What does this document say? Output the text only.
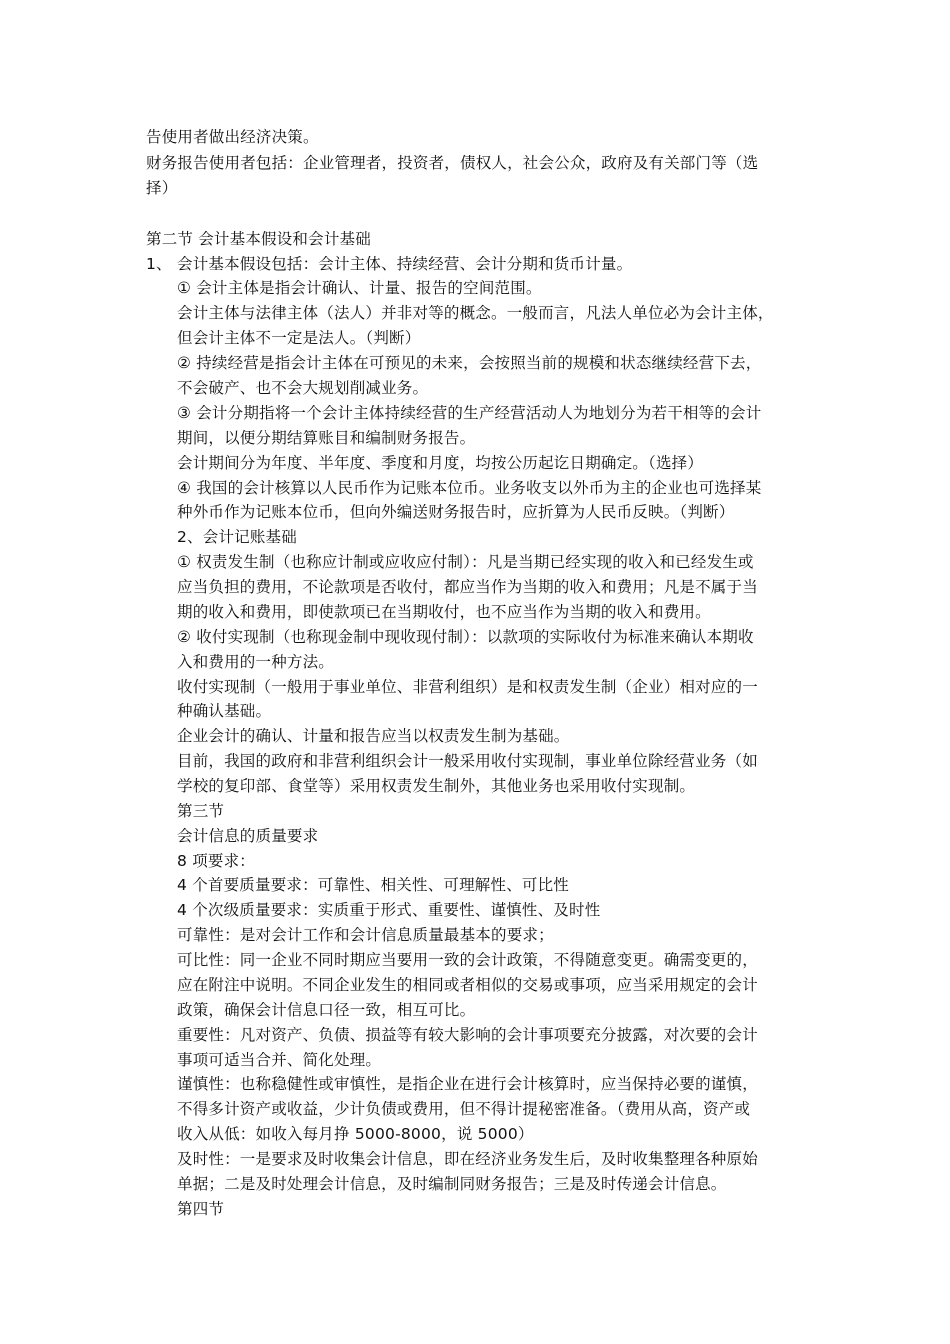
告使用者做出经济决策。
财务报告使用者包括：企业管理者，投资者，债权人，社会公众，政府及有关部门等（选
择）
第二节 会计基本假设和会计基础
1、 会计基本假设包括：会计主体、持续经营、会计分期和货币计量。
① 会计主体是指会计确认、计量、报告的空间范围。
会计主体与法律主体（法人）并非对等的概念。一般而言，凡法人单位必为会计主体，
但会计主体不一定是法人。（判断）
② 持续经营是指会计主体在可预见的未来，会按照当前的规模和状态继续经营下去，
不会破产、也不会大规划削减业务。
③ 会计分期指将一个会计主体持续经营的生产经营活动人为地划分为若干相等的会计
期间，以便分期结算账目和编制财务报告。
会计期间分为年度、半年度、季度和月度，均按公历起讫日期确定。（选择）
④ 我国的会计核算以人民币作为记账本位币。业务收支以外币为主的企业也可选择某
种外币作为记账本位币，但向外编送财务报告时，应折算为人民币反映。（判断）
2、会计记账基础
① 权责发生制（也称应计制或应收应付制）：凡是当期已经实现的收入和已经发生或
应当负担的费用，不论款项是否收付，都应当作为当期的收入和费用；凡是不属于当
期的收入和费用，即使款项已在当期收付，也不应当作为当期的收入和费用。
② 收付实现制（也称现金制中现收现付制）：以款项的实际收付为标准来确认本期收
入和费用的一种方法。
收付实现制（一般用于事业单位、非营利组织）是和权责发生制（企业）相对应的一
种确认基础。
企业会计的确认、计量和报告应当以权责发生制为基础。
目前，我国的政府和非营利组织会计一般采用收付实现制，事业单位除经营业务（如
学校的复印部、食堂等）采用权责发生制外，其他业务也采用收付实现制。
第三节
会计信息的质量要求
8 项要求：
4 个首要质量要求：可靠性、相关性、可理解性、可比性
4 个次级质量要求：实质重于形式、重要性、谨慎性、及时性
可靠性：是对会计工作和会计信息质量最基本的要求；
可比性：同一企业不同时期应当要用一致的会计政策，不得随意变更。确需变更的，
应在附注中说明。不同企业发生的相同或者相似的交易或事项，应当采用规定的会计
政策，确保会计信息口径一致，相互可比。
重要性：凡对资产、负债、损益等有较大影响的会计事项要充分披露，对次要的会计
事项可适当合并、简化处理。
谨慎性：也称稳健性或审慎性，是指企业在进行会计核算时，应当保持必要的谨慎，
不得多计资产或收益，少计负债或费用，但不得计提秘密准备。（费用从高，资产或
收入从低：如收入每月挣 5000-8000，说 5000）
及时性：一是要求及时收集会计信息，即在经济业务发生后，及时收集整理各种原始
单据；二是及时处理会计信息，及时编制同财务报告；三是及时传递会计信息。
第四节
